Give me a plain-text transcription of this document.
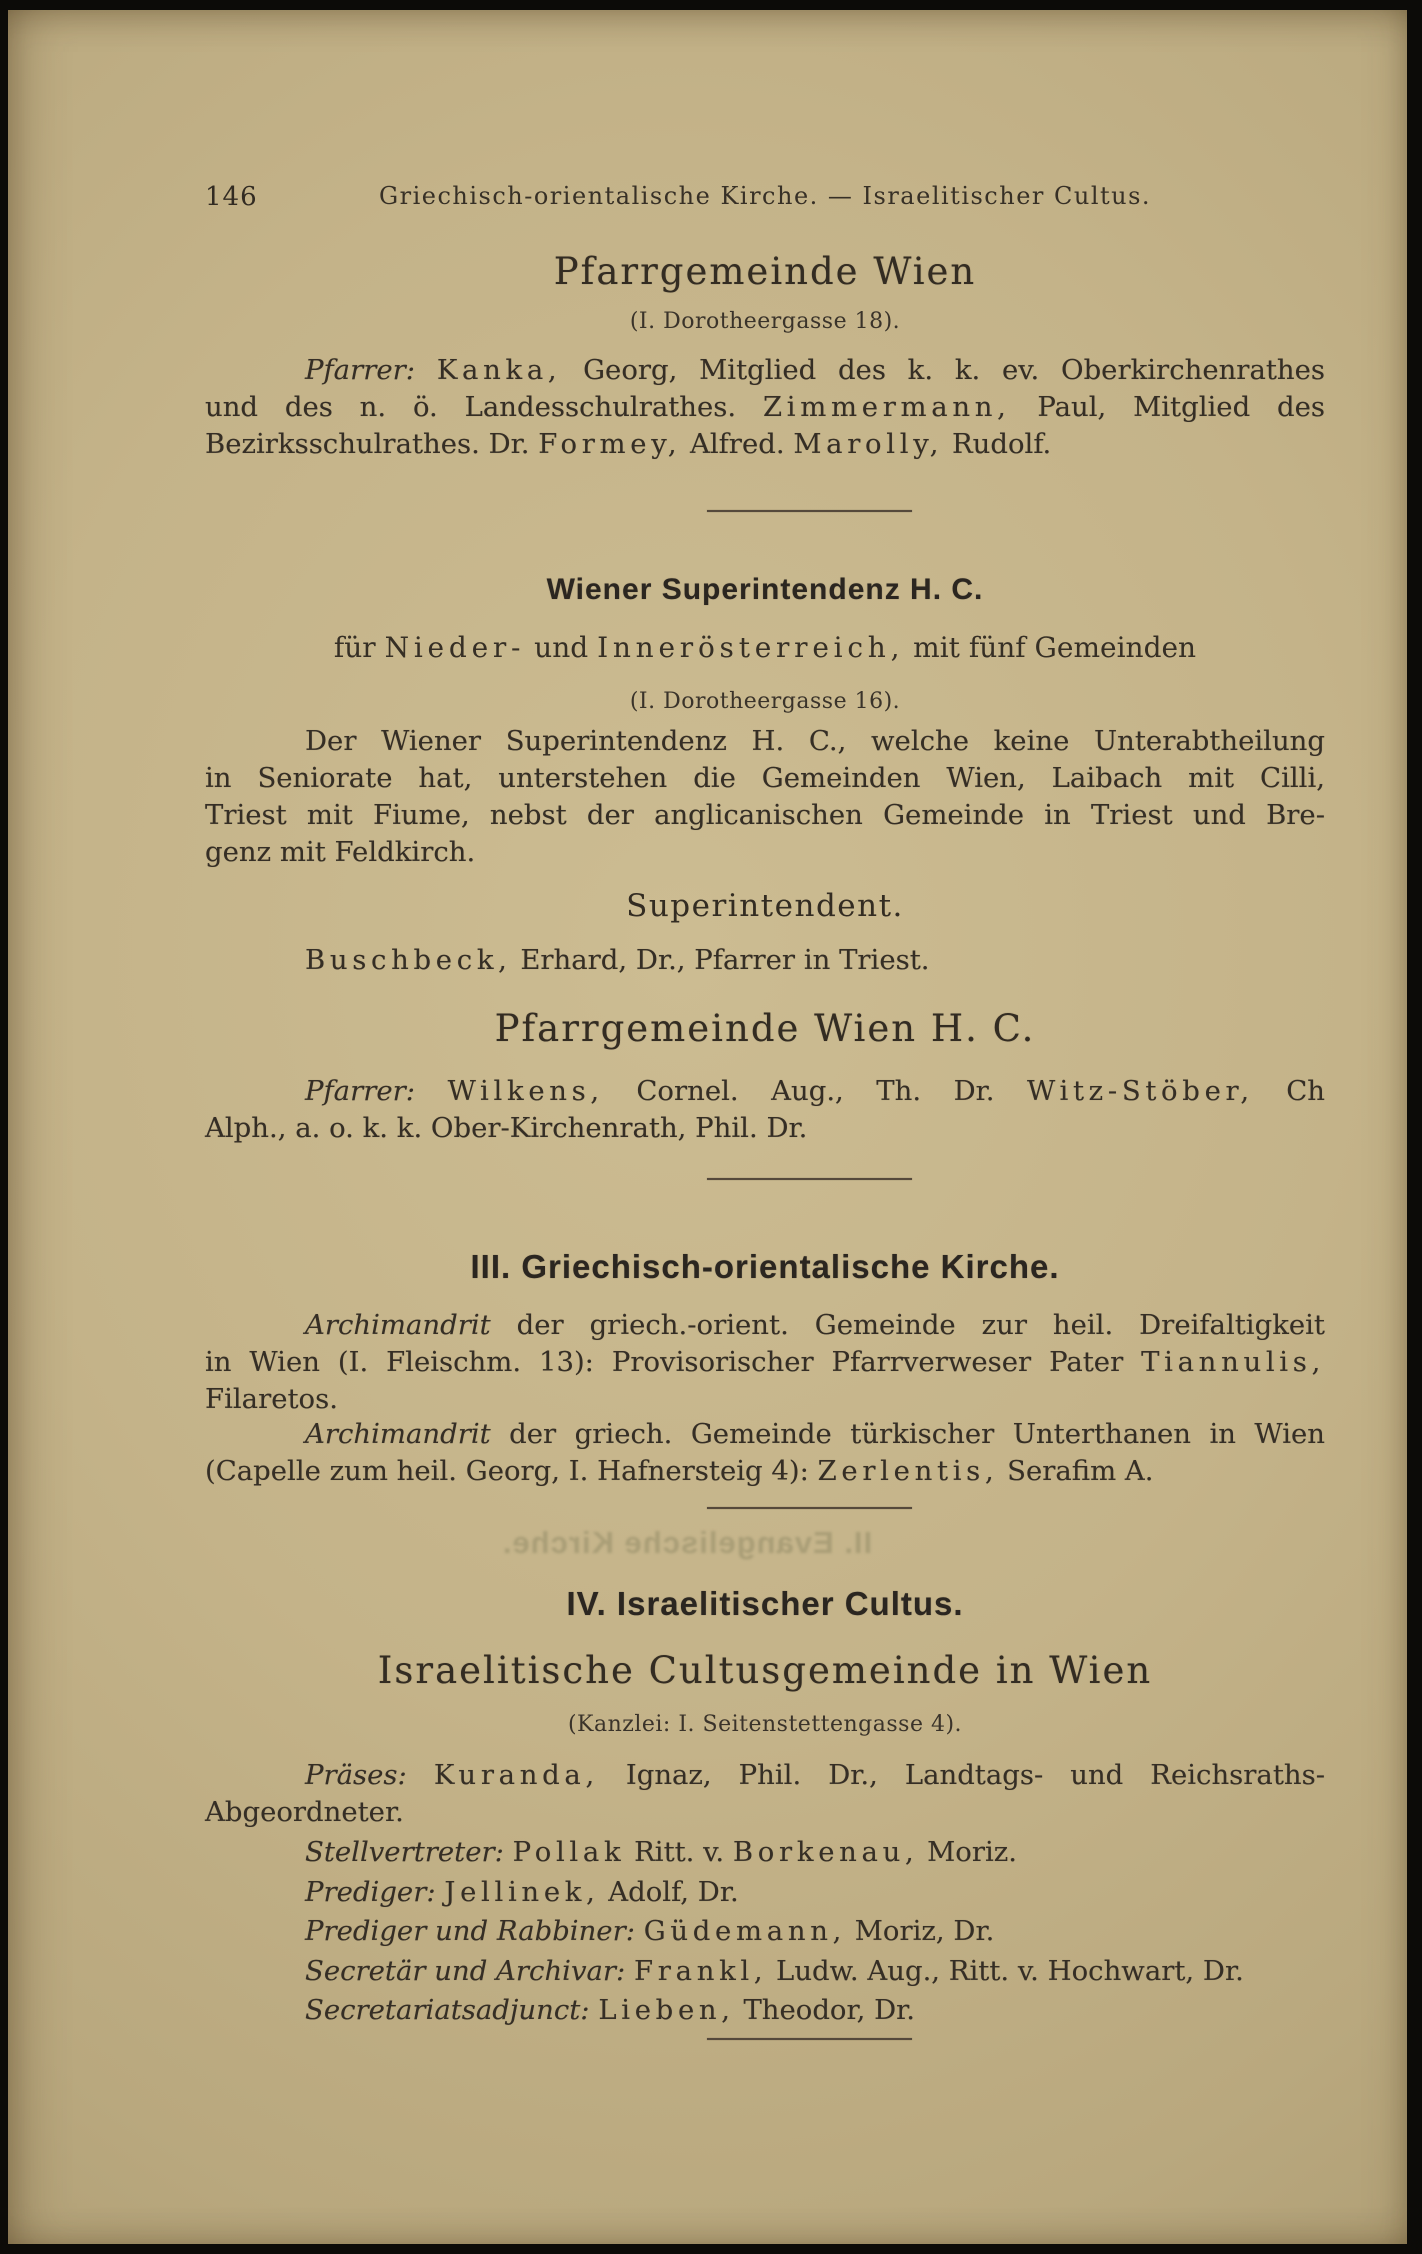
146	Griechisch-orientalische Kirche. — Israelitischer Cultus.
Pfarrgemeinde Wien
(I. Dorotheergasse 18).
Pfarrer: Kanka, Georg, Mitglied des k. k. ev. Oberkirchenrathes
und des n. ö. Landesschulrathes. Zimmermann, Paul, Mitglied des
Bezirksschulrathes. Dr. Formey, Alfred. Marolly, Rudolf.
Wiener Superintendenz H. C.
für Nieder- und Innerösterreich, mit fünf Gemeinden
(I. Dorotheergasse 16).
Der Wiener Superintendenz H. C., welche keine Unterabtheilung
in Seniorate hat, unterstehen die Gemeinden Wien, Laibach mit Cilli,
Triest mit Fiume, nebst der anglicanischen Gemeinde in Triest und Bre-
genz mit Feldkirch.
Superintendent.
Buschbeck, Erhard, Dr., Pfarrer in Triest.
Pfarrgemeinde Wien H. C.
Pfarrer: Wilkens, Cornel. Aug., Th. Dr. Witz-Stöber, Ch
Alph., a. o. k. k. Ober-Kirchenrath, Phil. Dr.
III. Griechisch-orientalische Kirche.
Archimandrit der griech.-orient. Gemeinde zur heil. Dreifaltigkeit
in Wien (I. Fleischm. 13): Provisorischer Pfarrverweser Pater Tiannulis,
Filaretos.
Archimandrit der griech. Gemeinde türkischer Unterthanen in Wien
(Capelle zum heil. Georg, I. Hafnersteig 4): Zerlentis, Serafim A.
II. Evangelische Kirche.
IV. Israelitischer Cultus.
Israelitische Cultusgemeinde in Wien
(Kanzlei: I. Seitenstettengasse 4).
Präses: Kuranda, Ignaz, Phil. Dr., Landtags- und Reichsraths-
Abgeordneter.
Stellvertreter: Pollak Ritt. v. Borkenau, Moriz.
Prediger: Jellinek, Adolf, Dr.
Prediger und Rabbiner: Güdemann, Moriz, Dr.
Secretär und Archivar: Frankl, Ludw. Aug., Ritt. v. Hochwart, Dr.
Secretariatsadjunct: Lieben, Theodor, Dr.
